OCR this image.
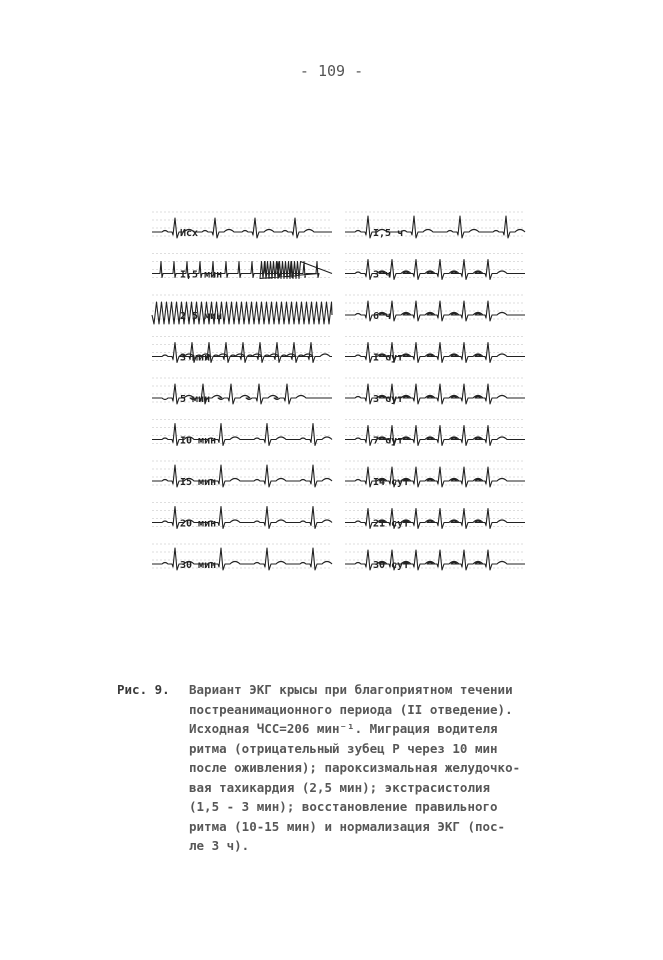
- 109 -
Исх
I,5 мин
2,5 мин
3 мин
5 мин
I0 мин
I5 мин
20 мин
30 мин
I,5 ч
3 ч
6 ч
I сут
3 сут
7 сут
I4 сут
21 сут
30 сут
Рис. 9. Вариант ЭКГ крысы при благоприятном течении
постреанимационного периода (II отведение).
Исходная ЧСС=206 мин⁻¹. Миграция водителя
ритма (отрицательный зубец Р через 10 мин
после оживления); пароксизмальная желудочко-
вая тахикардия (2,5 мин); экстрасистолия
(1,5 - 3 мин); восстановление правильного
ритма (10-15 мин) и нормализация ЭКГ (пос-
ле 3 ч).
